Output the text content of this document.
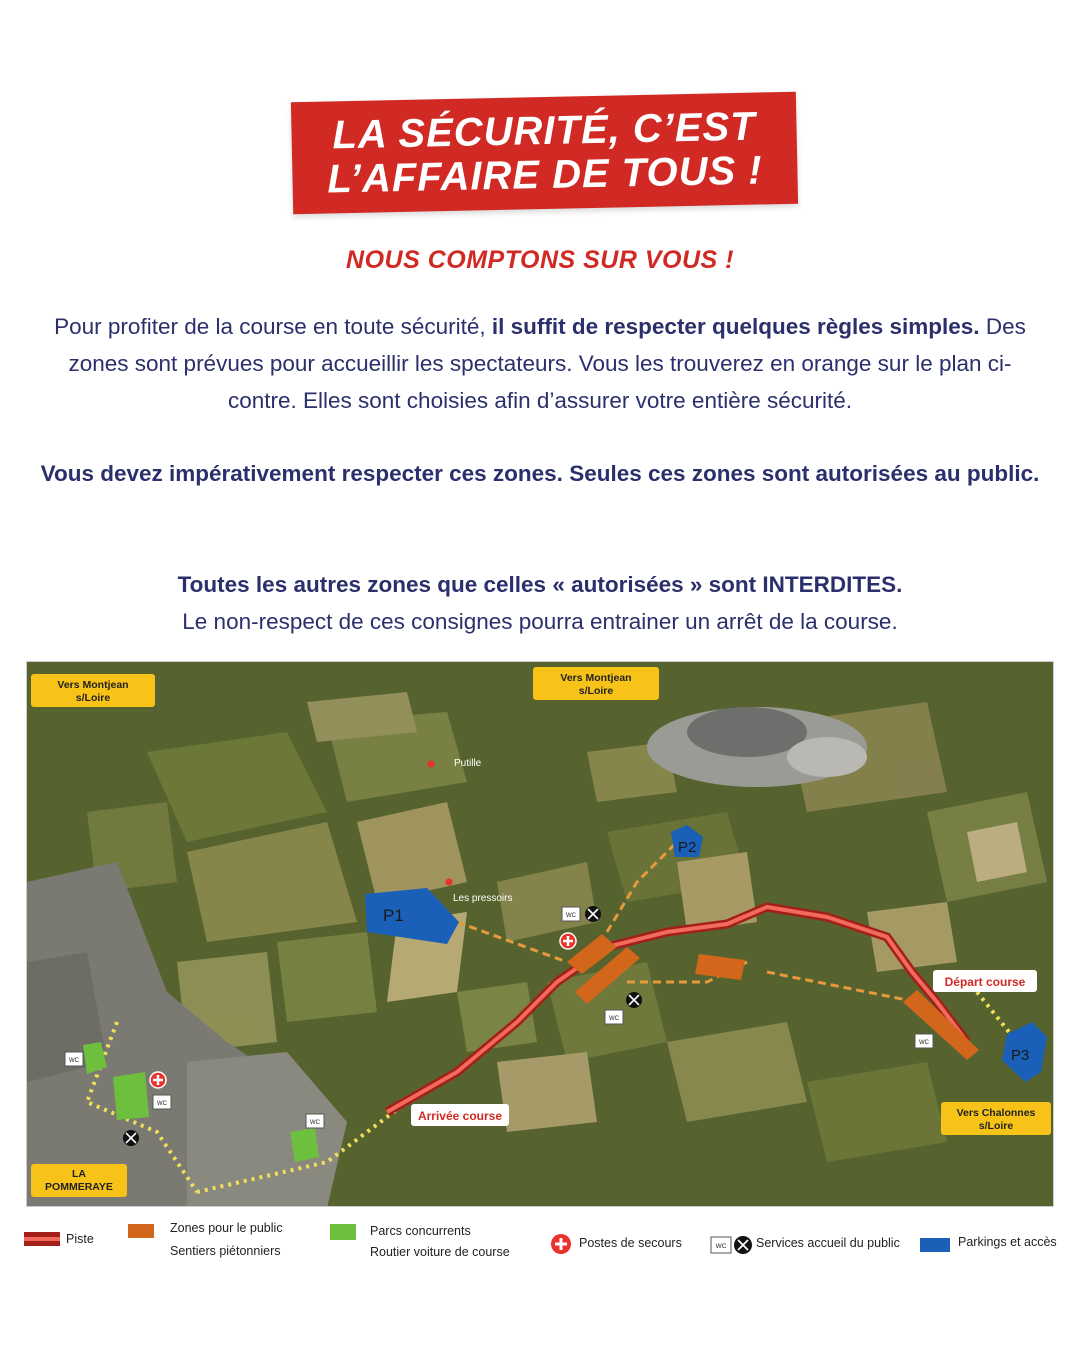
LA SÉCURITÉ, C’EST
L’AFFAIRE DE TOUS !
NOUS COMPTONS SUR VOUS !

Pour profiter de la course en toute sécurité, il suffit de respecter quelques règles simples. Des zones sont prévues pour accueillir les spectateurs. Vous les trouverez en orange sur le plan ci-contre. Elles sont choisies afin d’assurer votre entière sécurité.

Vous devez impérativement respecter ces zones. Seules ces zones sont autorisées au public.

Toutes les autres zones que celles « autorisées » sont INTERDITES.
Le non-respect de ces consignes pourra entrainer un arrêt de la course.

P1
P2
P3
Putille
Les pressoirs
Vers Montjean
s/Loire
Vers Montjean
s/Loire
Vers Chalonnes
s/Loire
LA
POMMERAYE
Départ course
Arrivée course
WC
WC
WC
WC
WC
WC
Piste
Zones pour le public
Sentiers piétonniers
Parcs concurrents
Routier voiture de course
Postes de secours	WC Services accueil du public	Parkings et accès
